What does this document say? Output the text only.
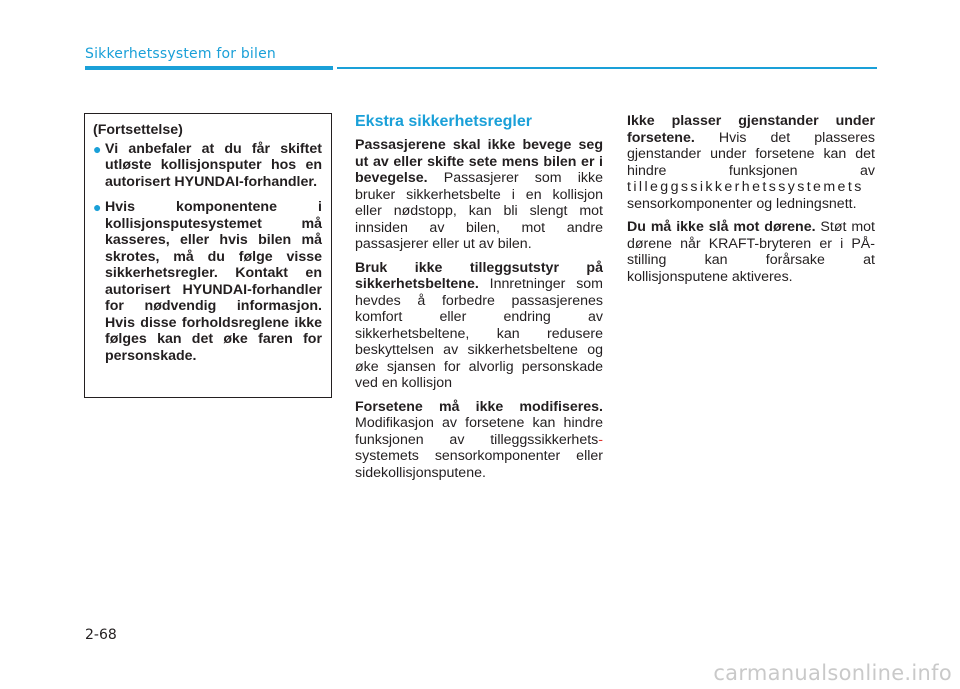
Sikkerhetssystem for bilen
(Fortsettelse)
● Vi anbefaler at du får skiftet utløste kollisjonsputer hos en autorisert HYUNDAI-forhandler.
● Hvis komponentene i kollisjonsputesystemet må kasseres, eller hvis bilen må skrotes, må du følge visse sikkerhetsregler. Kontakt en autorisert HYUNDAI-forhandler for nødvendig informasjon. Hvis disse forholdsreglene ikke følges kan det øke faren for personskade.
Ekstra sikkerhetsregler

Passasjerene skal ikke bevege seg ut av eller skifte sete mens bilen er i bevegelse. Passasjerer som ikke bruker sikkerhetsbelte i en kollisjon eller nødstopp, kan bli slengt mot innsiden av bilen, mot andre passasjerer eller ut av bilen.

Bruk ikke tilleggsutstyr på sikkerhetsbeltene. Innretninger som hevdes å forbedre passasjerenes komfort eller endring av sikkerhetsbeltene, kan redusere beskyttelsen av sikkerhetsbeltene og øke sjansen for alvorlig personskade ved en kollisjon

Forsetene må ikke modifiseres. Modifikasjon av forsetene kan hindre funksjonen av tilleggssikkerhets-systemets sensorkomponenter eller sidekollisjonsputene.

Ikke plasser gjenstander under forsetene. Hvis det plasseres gjenstander under forsetene kan det hindre funksjonen av tilleggssikkerhetssystemets sensorkomponenter og ledningsnett.

Du må ikke slå mot dørene. Støt mot dørene når KRAFT-bryteren er i PÅ-stilling kan forårsake at kollisjonsputene aktiveres.

2-68
carmanualsonline.info
